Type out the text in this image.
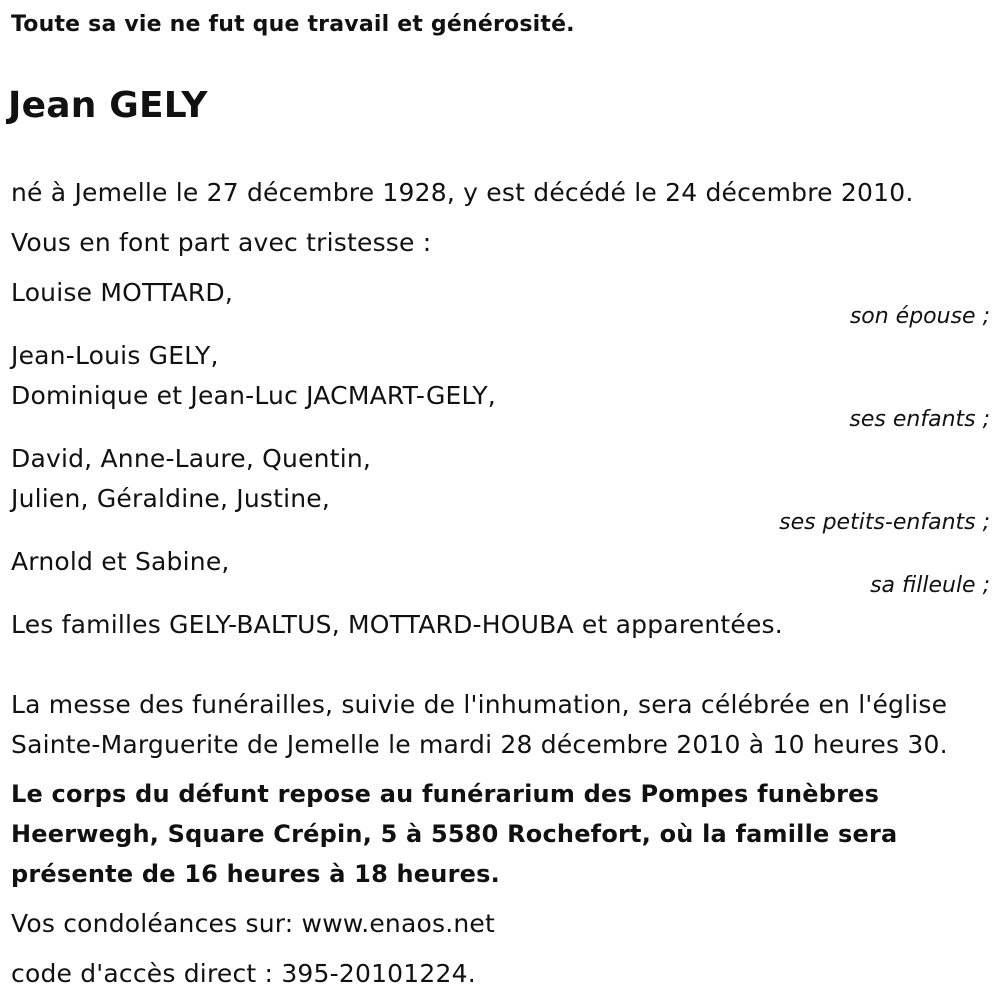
Toute sa vie ne fut que travail et générosité.
Jean GELY
né à Jemelle le 27 décembre 1928, y est décédé le 24 décembre 2010.
Vous en font part avec tristesse :
Louise MOTTARD,
son épouse ;
Jean-Louis GELY,
Dominique et Jean-Luc JACMART-GELY,
ses enfants ;
David, Anne-Laure, Quentin,
Julien, Géraldine, Justine,
ses petits-enfants ;
Arnold et Sabine,
sa filleule ;
Les familles GELY-BALTUS, MOTTARD-HOUBA et apparentées.
La messe des funérailles, suivie de l'inhumation, sera célébrée en l'église
Sainte-Marguerite de Jemelle le mardi 28 décembre 2010 à 10 heures 30.
Le corps du défunt repose au funérarium des Pompes funèbres
Heerwegh, Square Crépin, 5 à 5580 Rochefort, où la famille sera
présente de 16 heures à 18 heures.
Vos condoléances sur: www.enaos.net
code d'accès direct : 395-20101224.
